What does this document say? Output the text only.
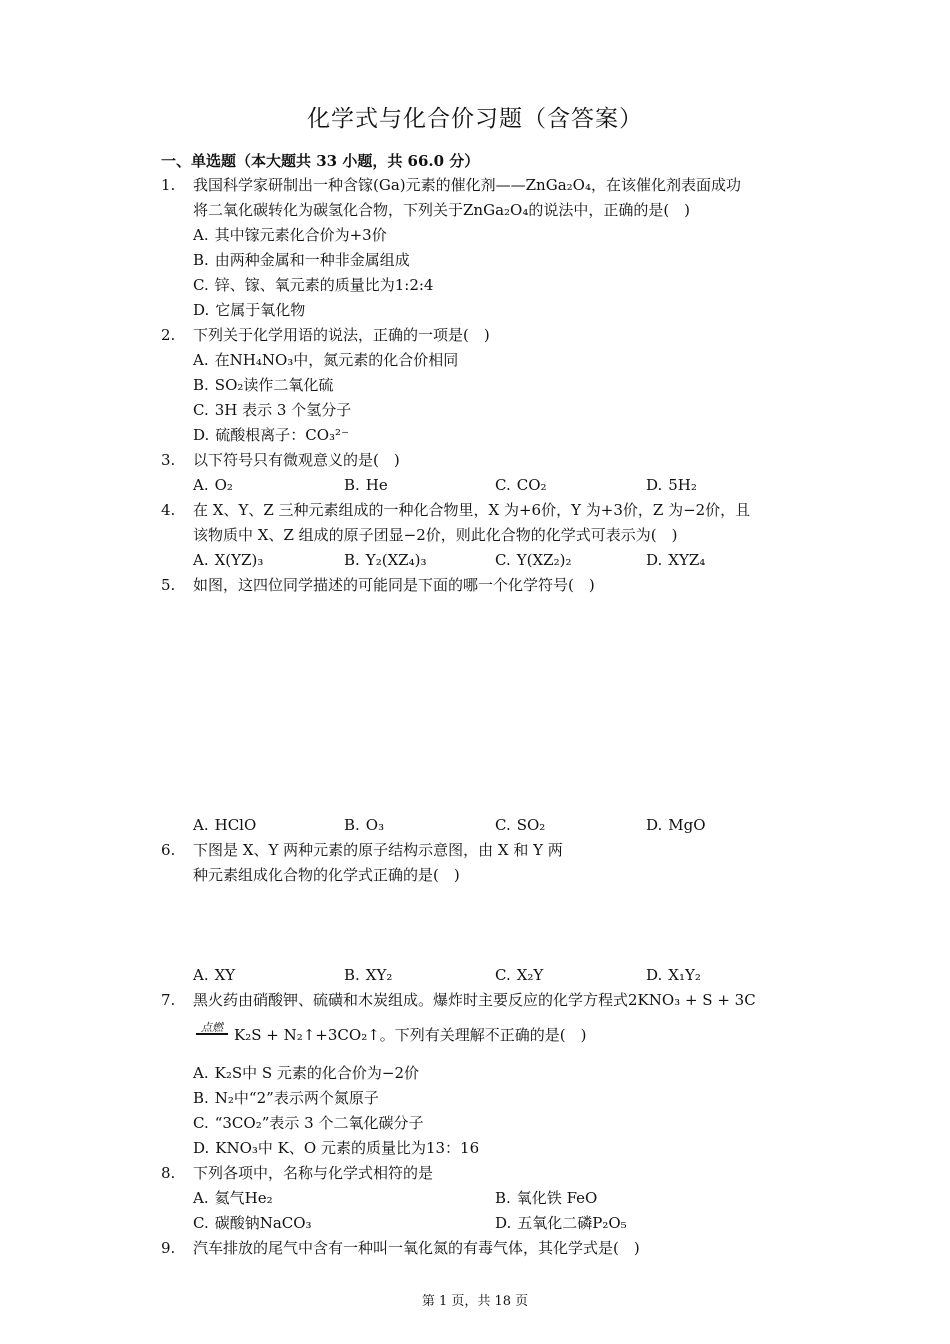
化学式与化合价习题（含答案）
一、单选题（本大题共 33 小题，共 66.0 分）
1. 我国科学家研制出一种含镓(Ga)元素的催化剂——ZnGa₂O₄，在该催化剂表面成功
将二氧化碳转化为碳氢化合物，下列关于ZnGa₂O₄的说法中，正确的是(　)
A. 其中镓元素化合价为+3价
B. 由两种金属和一种非金属组成
C. 锌、镓、氧元素的质量比为1:2:4
D. 它属于氧化物
2. 下列关于化学用语的说法，正确的一项是(　)
A. 在NH₄NO₃中，氮元素的化合价相同
B. SO₂读作二氧化硫
C. 3H 表示 3 个氢分子
D. 硫酸根离子：CO₃²⁻
3. 以下符号只有微观意义的是(　)
A. O₂	B. He	C. CO₂	D. 5H₂
4. 在 X、Y、Z 三种元素组成的一种化合物里，X 为+6价，Y 为+3价，Z 为−2价，且
该物质中 X、Z 组成的原子团显−2价，则此化合物的化学式可表示为(　)
A. X(YZ)₃	B. Y₂(XZ₄)₃	C. Y(XZ₂)₂	D. XYZ₄
5. 如图，这四位同学描述的可能同是下面的哪一个化学符号(　)
A. HClO	B. O₃	C. SO₂	D. MgO
6. 下图是 X、Y 两种元素的原子结构示意图，由 X 和 Y 两
种元素组成化合物的化学式正确的是(　)
A. XY	B. XY₂	C. X₂Y	D. X₁Y₂
7. 黑火药由硝酸钾、硫磺和木炭组成。爆炸时主要反应的化学方程式2KNO₃ + S + 3C
点燃 K₂S + N₂↑+3CO₂↑。下列有关理解不正确的是(　)
A. K₂S中 S 元素的化合价为−2价
B. N₂中“2”表示两个氮原子
C. “3CO₂”表示 3 个二氧化碳分子
D. KNO₃中 K、O 元素的质量比为13：16
8. 下列各项中，名称与化学式相符的是
A. 氦气He₂	B. 氧化铁 FeO
C. 碳酸钠NaCO₃	D. 五氧化二磷P₂O₅
9. 汽车排放的尾气中含有一种叫一氧化氮的有毒气体，其化学式是(　)
第 1 页，共 18 页
